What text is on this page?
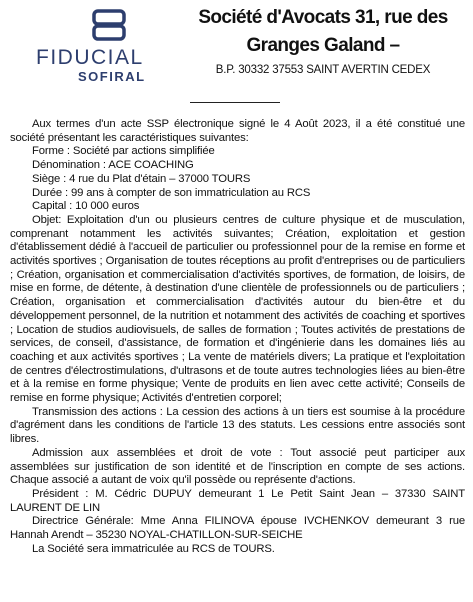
FIDUCIAL
SOFIRAL
Société d'Avocats 31, rue des Granges Galand –
B.P. 30332 37553 SAINT AVERTIN CEDEX

Aux termes d'un acte SSP électronique signé le 4 Août 2023, il a été constitué une société présentant les caractéristiques suivantes:

Forme : Société par actions simplifiée

Dénomination : ACE COACHING

Siège : 4 rue du Plat d'étain – 37000 TOURS

Durée : 99 ans à compter de son immatriculation au RCS

Capital : 10 000 euros

Objet: Exploitation d'un ou plusieurs centres de culture physique et de musculation, comprenant notamment les activités suivantes; Création, exploitation et gestion d'établissement dédié à l'accueil de particulier ou professionnel pour de la remise en forme et activités sportives ; Organisation de toutes réceptions au profit d'entreprises ou de particuliers ; Création, organisation et commercialisation d'activités sportives, de formation, de loisirs, de mise en forme, de détente, à destination d'une clientèle de professionnels ou de particuliers ; Création, organisation et commercialisation d'activités autour du bien-être et du développement personnel, de la nutrition et notamment des activités de coaching et sportives ; Location de studios audiovisuels, de salles de formation ; Toutes activités de prestations de services, de conseil, d'assistance, de formation et d'ingénierie dans les domaines liés au coaching et aux activités sportives ; La vente de matériels divers; La pratique et l'exploitation de centres d'électrostimulations, d'ultrasons et de toute autres technologies liées au bien-être et à la remise en forme physique; Vente de produits en lien avec cette activité; Conseils de remise en forme physique; Activités d'entretien corporel;

Transmission des actions : La cession des actions à un tiers est soumise à la procédure d'agrément dans les conditions de l'article 13 des statuts. Les cessions entre associés sont libres.

Admission aux assemblées et droit de vote : Tout associé peut participer aux assemblées sur justification de son identité et de l'inscription en compte de ses actions. Chaque associé a autant de voix qu'il possède ou représente d'actions.

Président : M. Cédric DUPUY demeurant 1 Le Petit Saint Jean – 37330 SAINT LAURENT DE LIN

Directrice Générale: Mme Anna FILINOVA épouse IVCHENKOV demeurant 3 rue Hannah Arendt – 35230 NOYAL-CHATILLON-SUR-SEICHE

La Société sera immatriculée au RCS de TOURS.
